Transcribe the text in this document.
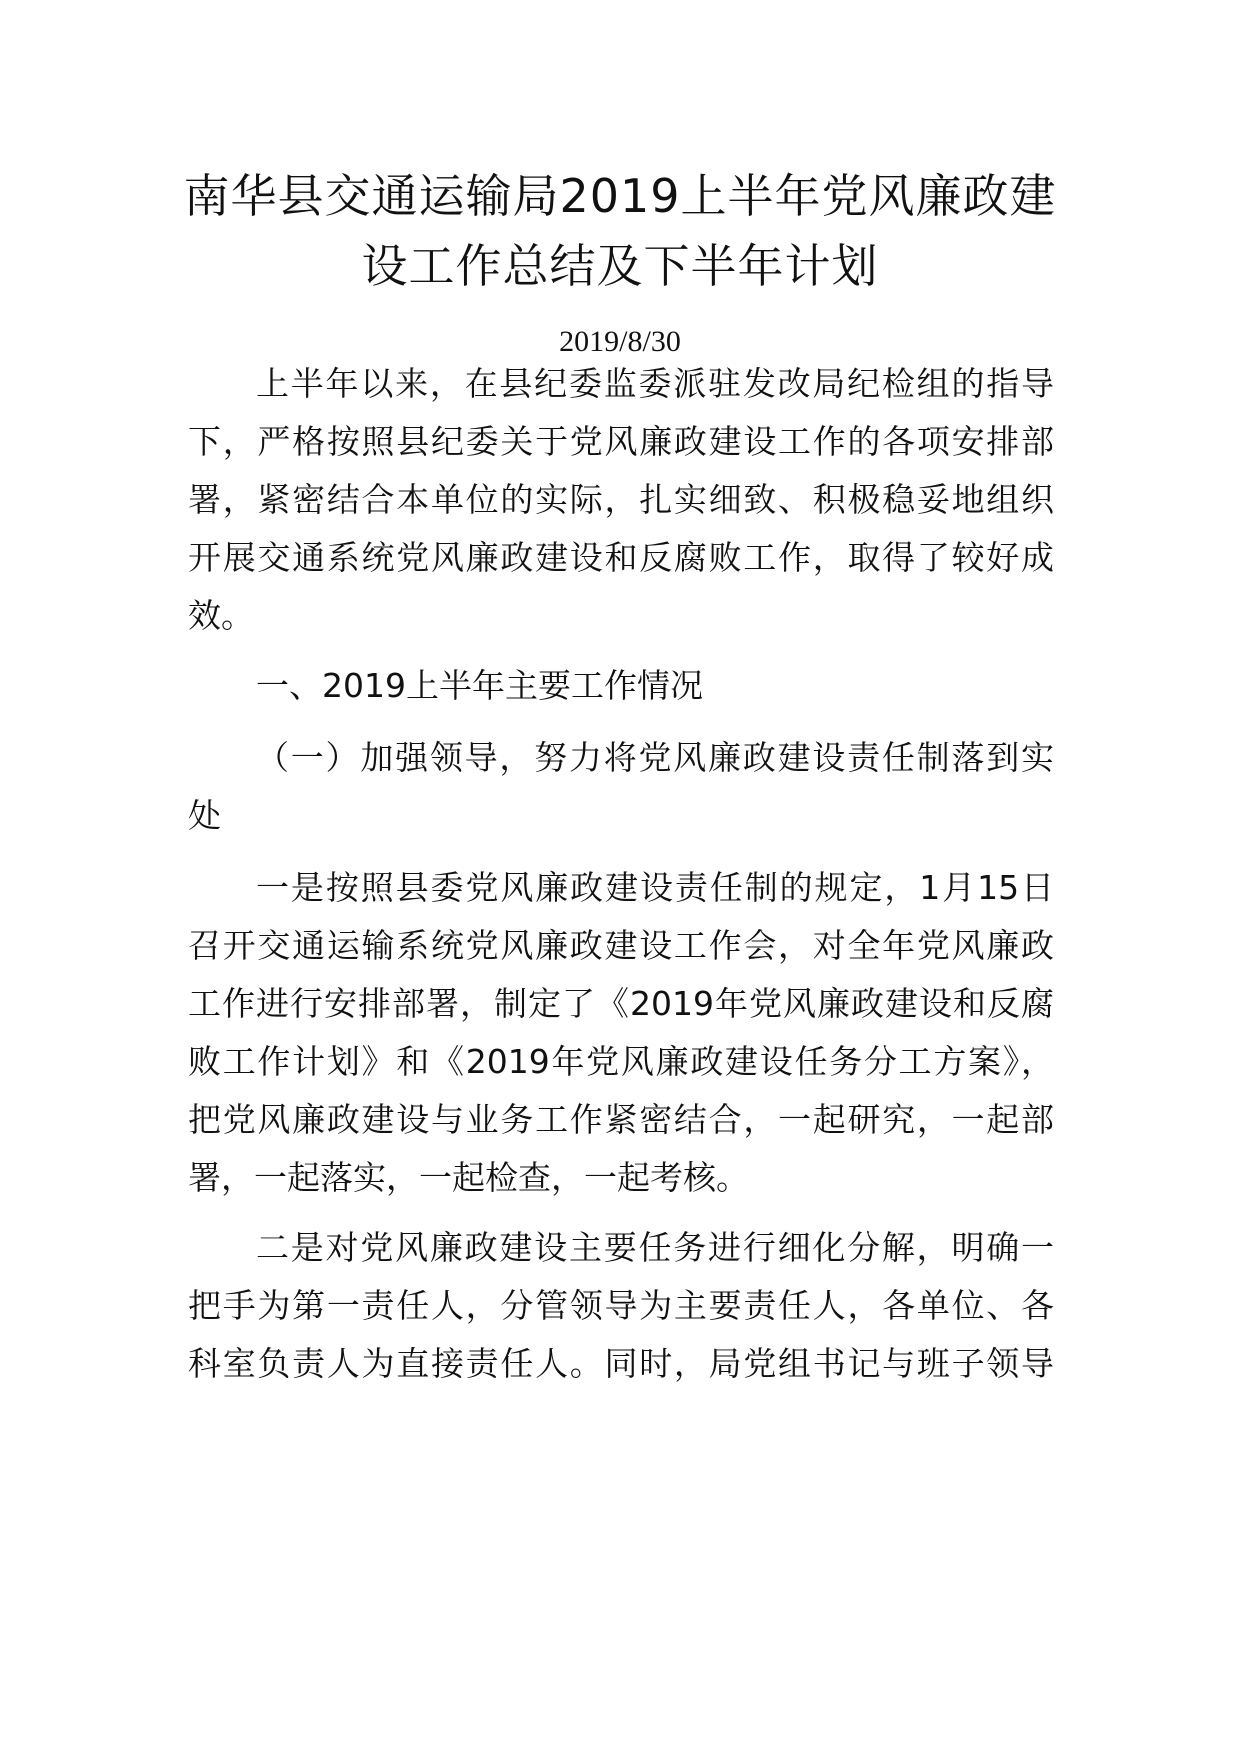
南华县交通运输局2019上半年党风廉政建
设工作总结及下半年计划
2019/8/30
上半年以来，在县纪委监委派驻发改局纪检组的指导
下，严格按照县纪委关于党风廉政建设工作的各项安排部
署，紧密结合本单位的实际，扎实细致、积极稳妥地组织
开展交通系统党风廉政建设和反腐败工作，取得了较好成
效。
一、2019上半年主要工作情况
（一）加强领导，努力将党风廉政建设责任制落到实
处
一是按照县委党风廉政建设责任制的规定，1月15日
召开交通运输系统党风廉政建设工作会，对全年党风廉政
工作进行安排部署，制定了《2019年党风廉政建设和反腐
败工作计划》和《2019年党风廉政建设任务分工方案》，
把党风廉政建设与业务工作紧密结合，一起研究，一起部
署，一起落实，一起检查，一起考核。
二是对党风廉政建设主要任务进行细化分解，明确一
把手为第一责任人，分管领导为主要责任人，各单位、各
科室负责人为直接责任人。同时，局党组书记与班子领导
